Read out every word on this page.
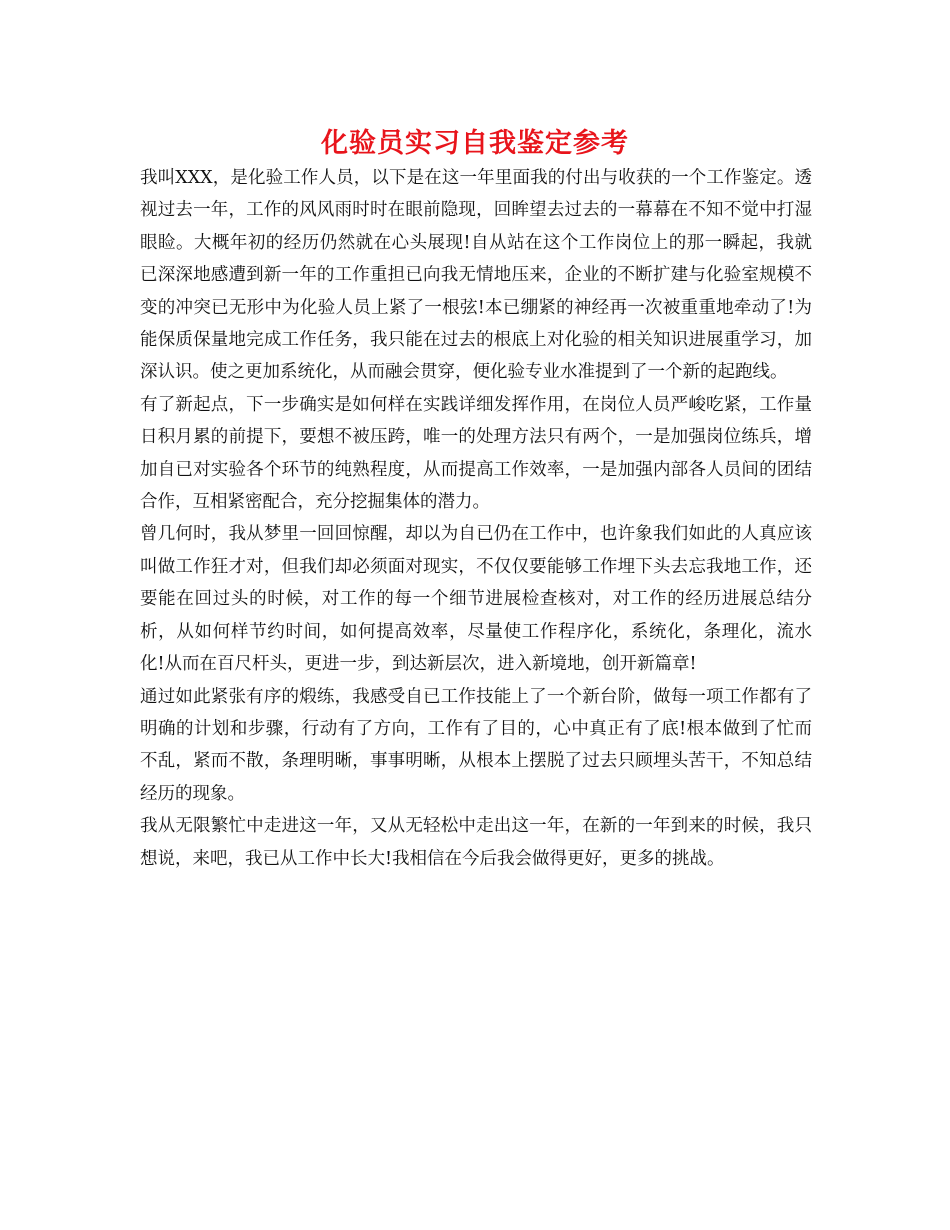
化验员实习自我鉴定参考

我叫XXX，是化验工作人员，以下是在这一年里面我的付出与收获的一个工作鉴定。透视过去一年，工作的风风雨时时在眼前隐现，回眸望去过去的一幕幕在不知不觉中打湿眼睑。大概年初的经历仍然就在心头展现!自从站在这个工作岗位上的那一瞬起，我就已深深地感遭到新一年的工作重担已向我无情地压来，企业的不断扩建与化验室规模不变的冲突已无形中为化验人员上紧了一根弦!本已绷紧的神经再一次被重重地牵动了!为能保质保量地完成工作任务，我只能在过去的根底上对化验的相关知识进展重学习，加深认识。使之更加系统化，从而融会贯穿，便化验专业水准提到了一个新的起跑线。

有了新起点，下一步确实是如何样在实践详细发挥作用，在岗位人员严峻吃紧，工作量日积月累的前提下，要想不被压跨，唯一的处理方法只有两个，一是加强岗位练兵，增加自已对实验各个环节的纯熟程度，从而提高工作效率，一是加强内部各人员间的团结合作，互相紧密配合，充分挖掘集体的潜力。

曾几何时，我从梦里一回回惊醒，却以为自已仍在工作中，也许象我们如此的人真应该叫做工作狂才对，但我们却必须面对现实，不仅仅要能够工作埋下头去忘我地工作，还要能在回过头的时候，对工作的每一个细节进展检查核对，对工作的经历进展总结分析，从如何样节约时间，如何提高效率，尽量使工作程序化，系统化，条理化，流水化!从而在百尺杆头，更进一步，到达新层次，进入新境地，创开新篇章!

通过如此紧张有序的煅练，我感受自已工作技能上了一个新台阶，做每一项工作都有了明确的计划和步骤，行动有了方向，工作有了目的，心中真正有了底!根本做到了忙而不乱，紧而不散，条理明晰，事事明晰，从根本上摆脱了过去只顾埋头苦干，不知总结经历的现象。

我从无限繁忙中走进这一年，又从无轻松中走出这一年，在新的一年到来的时候，我只想说，来吧，我已从工作中长大!我相信在今后我会做得更好，更多的挑战。
